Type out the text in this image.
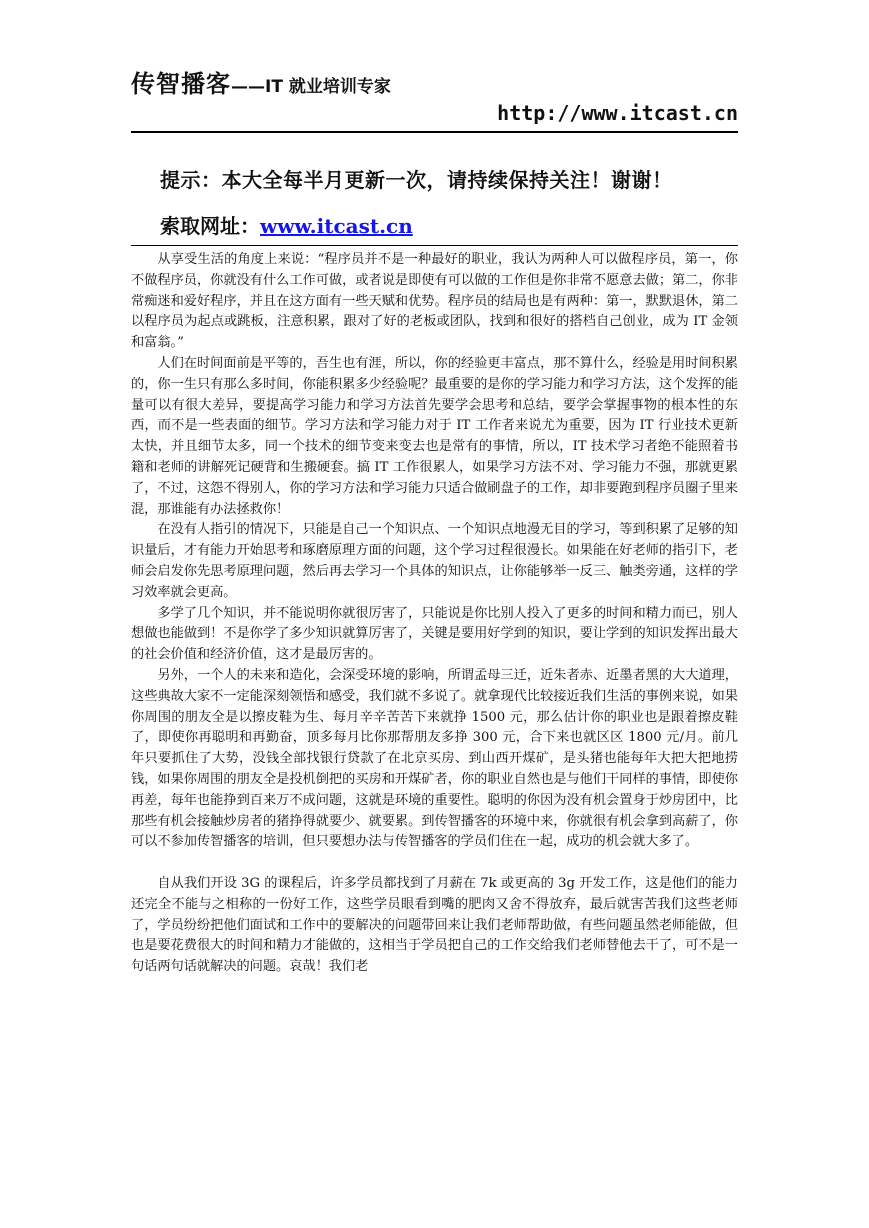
传智播客——IT 就业培训专家
http://www.itcast.cn
提示：本大全每半月更新一次，请持续保持关注！谢谢！
索取网址：www.itcast.cn

从享受生活的角度上来说：“程序员并不是一种最好的职业，我认为两种人可以做程序员，第一，你不做程序员，你就没有什么工作可做，或者说是即使有可以做的工作但是你非常不愿意去做；第二，你非常痴迷和爱好程序，并且在这方面有一些天赋和优势。程序员的结局也是有两种：第一，默默退休，第二以程序员为起点或跳板，注意积累，跟对了好的老板或团队，找到和很好的搭档自己创业，成为 IT 金领和富翁。”

人们在时间面前是平等的，吾生也有涯，所以，你的经验更丰富点，那不算什么，经验是用时间积累的，你一生只有那么多时间，你能积累多少经验呢？最重要的是你的学习能力和学习方法，这个发挥的能量可以有很大差异，要提高学习能力和学习方法首先要学会思考和总结，要学会掌握事物的根本性的东西，而不是一些表面的细节。学习方法和学习能力对于 IT 工作者来说尤为重要，因为 IT 行业技术更新太快，并且细节太多，同一个技术的细节变来变去也是常有的事情，所以，IT 技术学习者绝不能照着书籍和老师的讲解死记硬背和生搬硬套。搞 IT 工作很累人，如果学习方法不对、学习能力不强，那就更累了，不过，这怨不得别人，你的学习方法和学习能力只适合做刷盘子的工作，却非要跑到程序员圈子里来混，那谁能有办法拯救你！

在没有人指引的情况下，只能是自己一个知识点、一个知识点地漫无目的学习，等到积累了足够的知识量后，才有能力开始思考和琢磨原理方面的问题，这个学习过程很漫长。如果能在好老师的指引下，老师会启发你先思考原理问题，然后再去学习一个具体的知识点，让你能够举一反三、触类旁通，这样的学习效率就会更高。

多学了几个知识，并不能说明你就很厉害了，只能说是你比别人投入了更多的时间和精力而已，别人想做也能做到！不是你学了多少知识就算厉害了，关键是要用好学到的知识，要让学到的知识发挥出最大的社会价值和经济价值，这才是最厉害的。

另外，一个人的未来和造化，会深受环境的影响，所谓孟母三迁，近朱者赤、近墨者黑的大大道理，这些典故大家不一定能深刻领悟和感受，我们就不多说了。就拿现代比较接近我们生活的事例来说，如果你周围的朋友全是以擦皮鞋为生、每月辛辛苦苦下来就挣 1500 元，那么估计你的职业也是跟着擦皮鞋了，即使你再聪明和再勤奋，顶多每月比你那帮朋友多挣 300 元，合下来也就区区 1800 元/月。前几年只要抓住了大势，没钱全部找银行贷款了在北京买房、到山西开煤矿，是头猪也能每年大把大把地捞钱，如果你周围的朋友全是投机倒把的买房和开煤矿者，你的职业自然也是与他们干同样的事情，即使你再差，每年也能挣到百来万不成问题，这就是环境的重要性。聪明的你因为没有机会置身于炒房团中，比那些有机会接触炒房者的猪挣得就要少、就要累。到传智播客的环境中来，你就很有机会拿到高薪了，你可以不参加传智播客的培训，但只要想办法与传智播客的学员们住在一起，成功的机会就大多了。

自从我们开设 3G 的课程后，许多学员都找到了月薪在 7k 或更高的 3g 开发工作，这是他们的能力还完全不能与之相称的一份好工作，这些学员眼看到嘴的肥肉又舍不得放弃，最后就害苦我们这些老师了，学员纷纷把他们面试和工作中的要解决的问题带回来让我们老师帮助做，有些问题虽然老师能做，但也是要花费很大的时间和精力才能做的，这相当于学员把自己的工作交给我们老师替他去干了，可不是一句话两句话就解决的问题。哀哉！我们老
